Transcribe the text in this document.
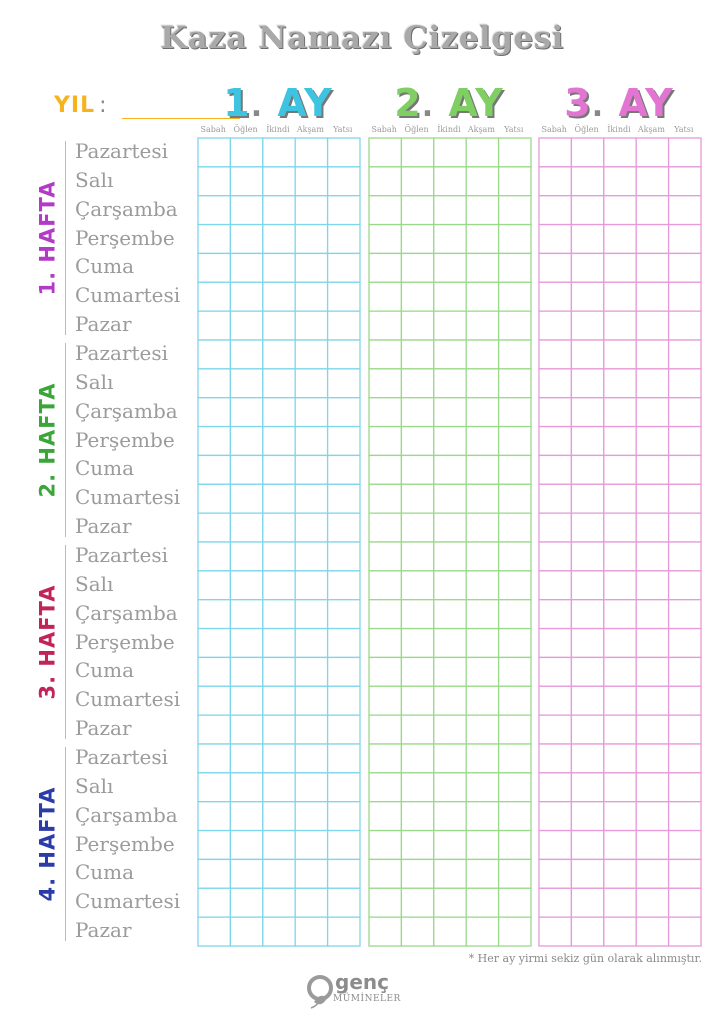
Kaza Namazı Çizelgesi
YIL :	1. AY
Sabah Öğlen	İkindi Akşam	Yatsı
2. AY
Sabah Öğlen	İkindi Akşam	Yatsı
3. AY
Sabah Öğlen	İkindi Akşam	Yatsı
1. HAFTA
Pazartesi
Salı
Çarşamba
Perşembe
Cuma
Cumartesi
Pazar
2. HAFTA
Pazartesi
Salı
Çarşamba
Perşembe
Cuma
Cumartesi
Pazar
3. HAFTA
Pazartesi
Salı
Çarşamba
Perşembe
Cuma
Cumartesi
Pazar
4. HAFTA
Pazartesi
Salı
Çarşamba
Perşembe
Cuma
Cumartesi
Pazar
* Her ay yirmi sekiz gün olarak alınmıştır.
genç
MÜMİNELER
